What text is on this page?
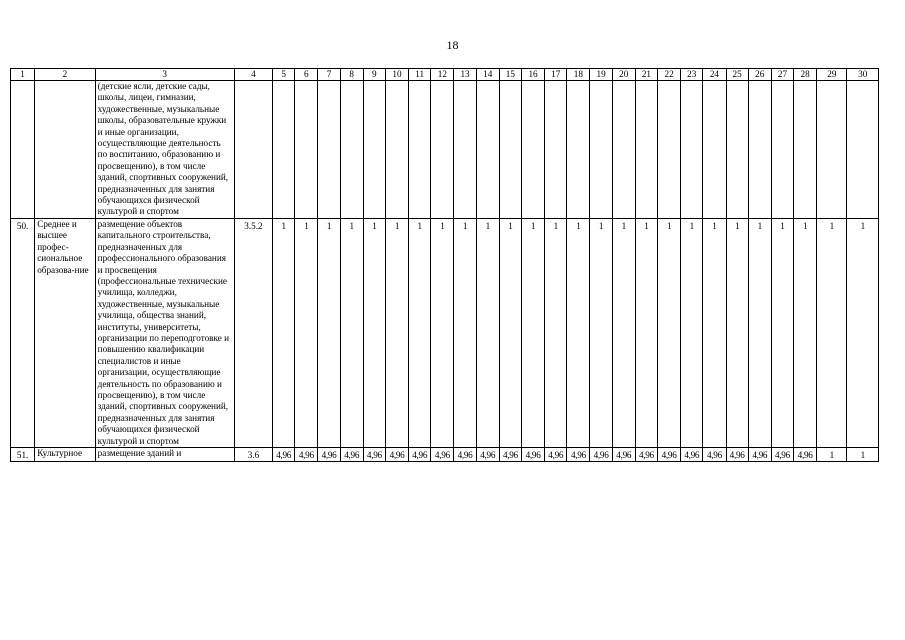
18
1	2	3	4	5	6	7	8	9	10	11	12	13	14	15	16	17	18	19	20	21	22	23	24	25	26	27	28	29	30
		(детские ясли, детские сады, школы, лицеи, гимназии, художественные, музыкальные школы, образовательные кружки и иные организации, осуществляющие деятельность по воспитанию, образованию и просвещению), в том числе зданий, спортивных сооружений, предназначенных для занятия обучающихся физической культурой и спортом																											
50.	Среднее и высшее профес-сиональное образова-ние	размещение объектов капитального строительства, предназначенных для профессионального образования и просвещения (профессиональные технические училища, колледжи, художественные, музыкальные училища, общества знаний, институты, университеты, организации по переподготовке и повышению квалификации специалистов и иные организации, осуществляющие деятельность по образованию и просвещению), в том числе зданий, спортивных сооружений, предназначенных для занятия обучающихся физической культурой и спортом	3.5.2	1	1	1	1	1	1	1	1	1	1	1	1	1	1	1	1	1	1	1	1	1	1	1	1	1	1
51.	Культурное	размещение зданий и	3.6	4,96	4,96	4,96	4,96	4,96	4,96	4,96	4,96	4,96	4,96	4,96	4,96	4,96	4,96	4,96	4,96	4,96	4,96	4,96	4,96	4,96	4,96	4,96	4,96	1	1
